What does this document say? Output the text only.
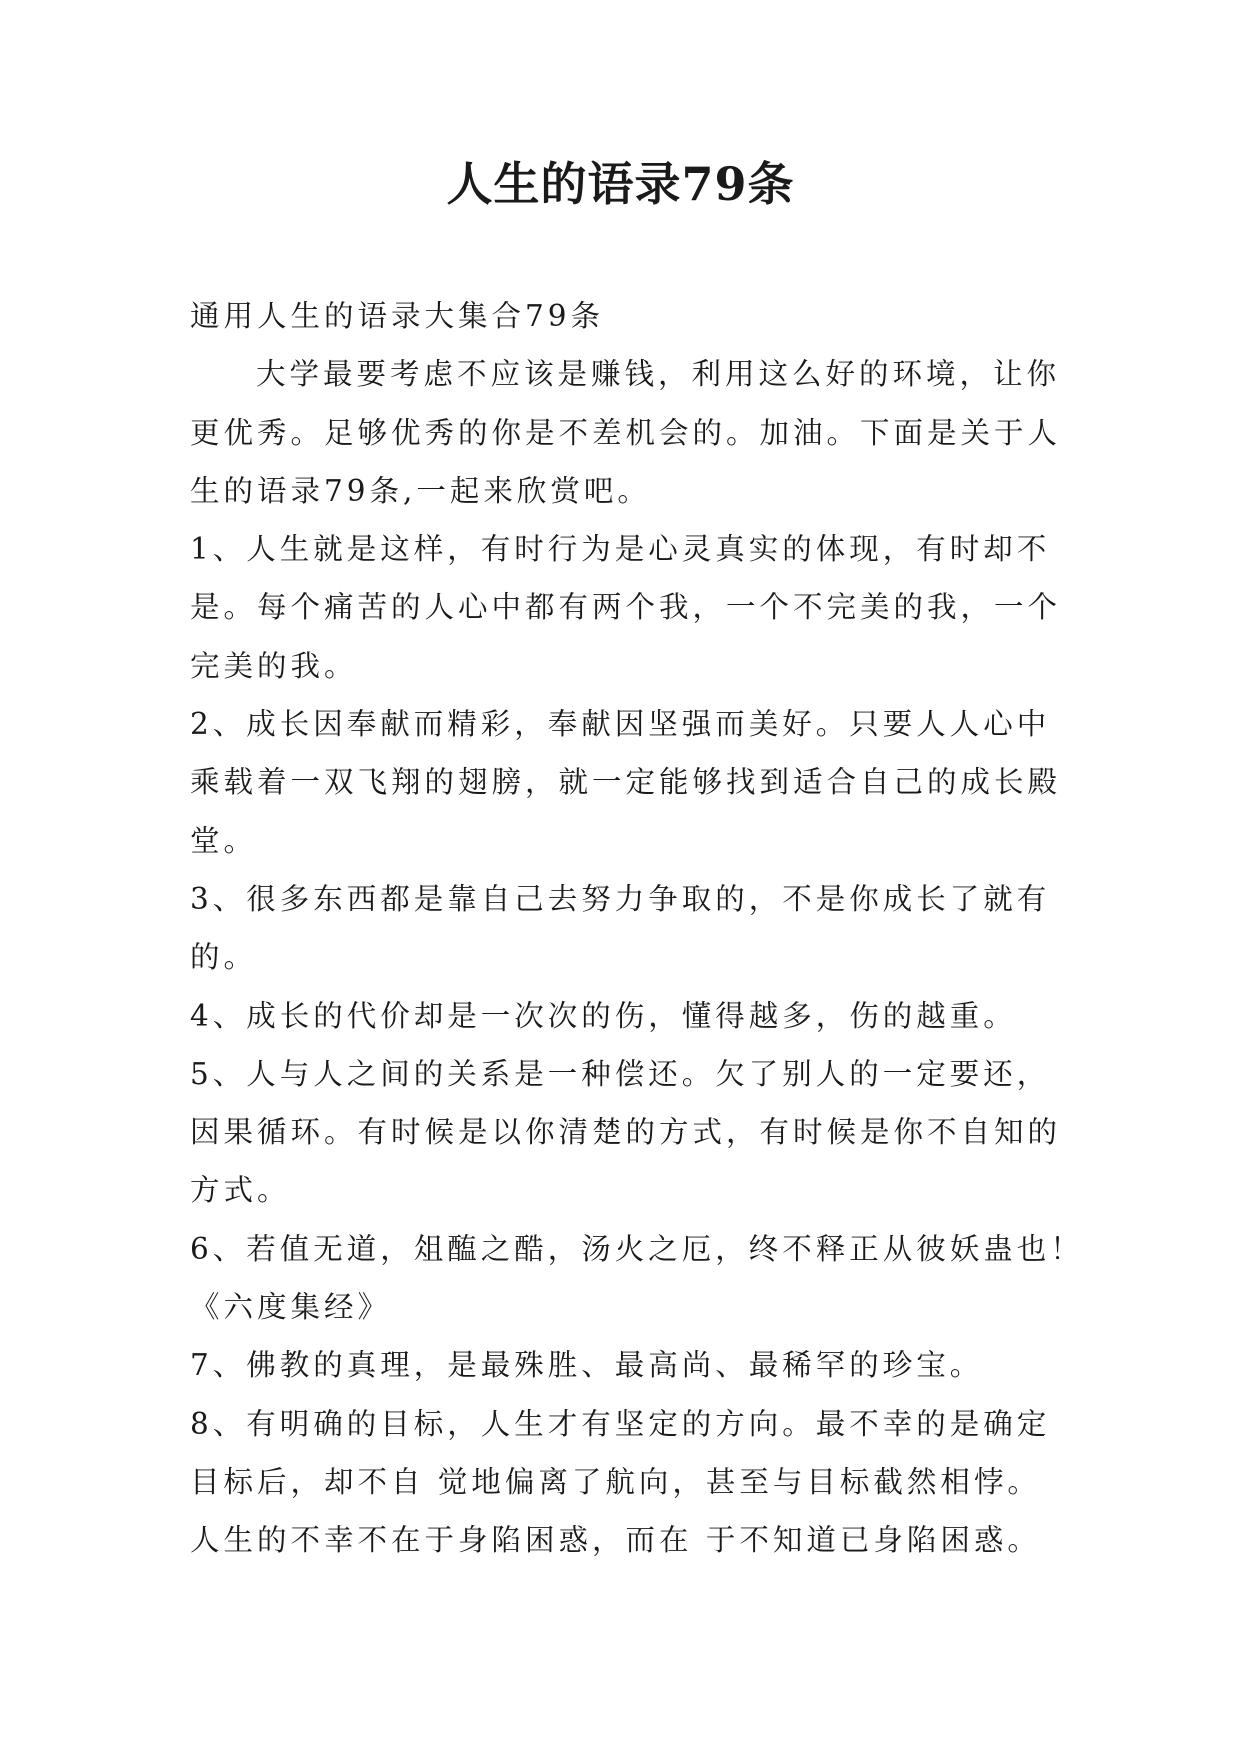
人生的语录79条
通用人生的语录大集合79条
大学最要考虑不应该是赚钱，利用这么好的环境，让你
更优秀。足够优秀的你是不差机会的。加油。下面是关于人
生的语录79条,一起来欣赏吧。
1、人生就是这样，有时行为是心灵真实的体现，有时却不
是。每个痛苦的人心中都有两个我，一个不完美的我，一个
完美的我。
2、成长因奉献而精彩，奉献因坚强而美好。只要人人心中
乘载着一双飞翔的翅膀，就一定能够找到适合自己的成长殿
堂。
3、很多东西都是靠自己去努力争取的，不是你成长了就有
的。
4、成长的代价却是一次次的伤，懂得越多，伤的越重。
5、人与人之间的关系是一种偿还。欠了别人的一定要还，
因果循环。有时候是以你清楚的方式，有时候是你不自知的
方式。
6、若值无道，俎醢之酷，汤火之厄，终不释正从彼妖蛊也！
《六度集经》
7、佛教的真理，是最殊胜、最高尚、最稀罕的珍宝。
8、有明确的目标，人生才有坚定的方向。最不幸的是确定
目标后，却不自 觉地偏离了航向，甚至与目标截然相悖。
人生的不幸不在于身陷困惑，而在 于不知道已身陷困惑。
